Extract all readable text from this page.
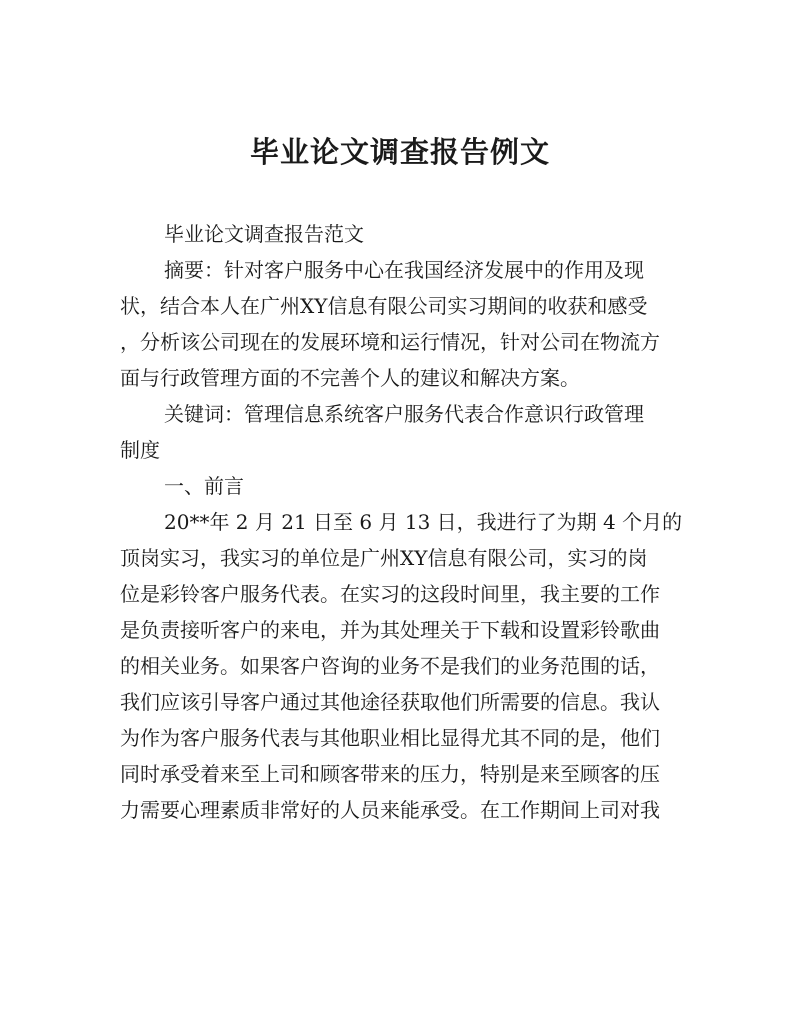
毕业论文调查报告例文
毕业论文调查报告范文
摘要：针对客户服务中心在我国经济发展中的作用及现
状，结合本人在广州XY信息有限公司实习期间的收获和感受
，分析该公司现在的发展环境和运行情况，针对公司在物流方
面与行政管理方面的不完善个人的建议和解决方案。
关键词：管理信息系统客户服务代表合作意识行政管理
制度
一、前言
20**年 2 月 21 日至 6 月 13 日，我进行了为期 4 个月的
顶岗实习，我实习的单位是广州XY信息有限公司，实习的岗
位是彩铃客户服务代表。在实习的这段时间里，我主要的工作
是负责接听客户的来电，并为其处理关于下载和设置彩铃歌曲
的相关业务。如果客户咨询的业务不是我们的业务范围的话，
我们应该引导客户通过其他途径获取他们所需要的信息。我认
为作为客户服务代表与其他职业相比显得尤其不同的是，他们
同时承受着来至上司和顾客带来的压力，特别是来至顾客的压
力需要心理素质非常好的人员来能承受。在工作期间上司对我
